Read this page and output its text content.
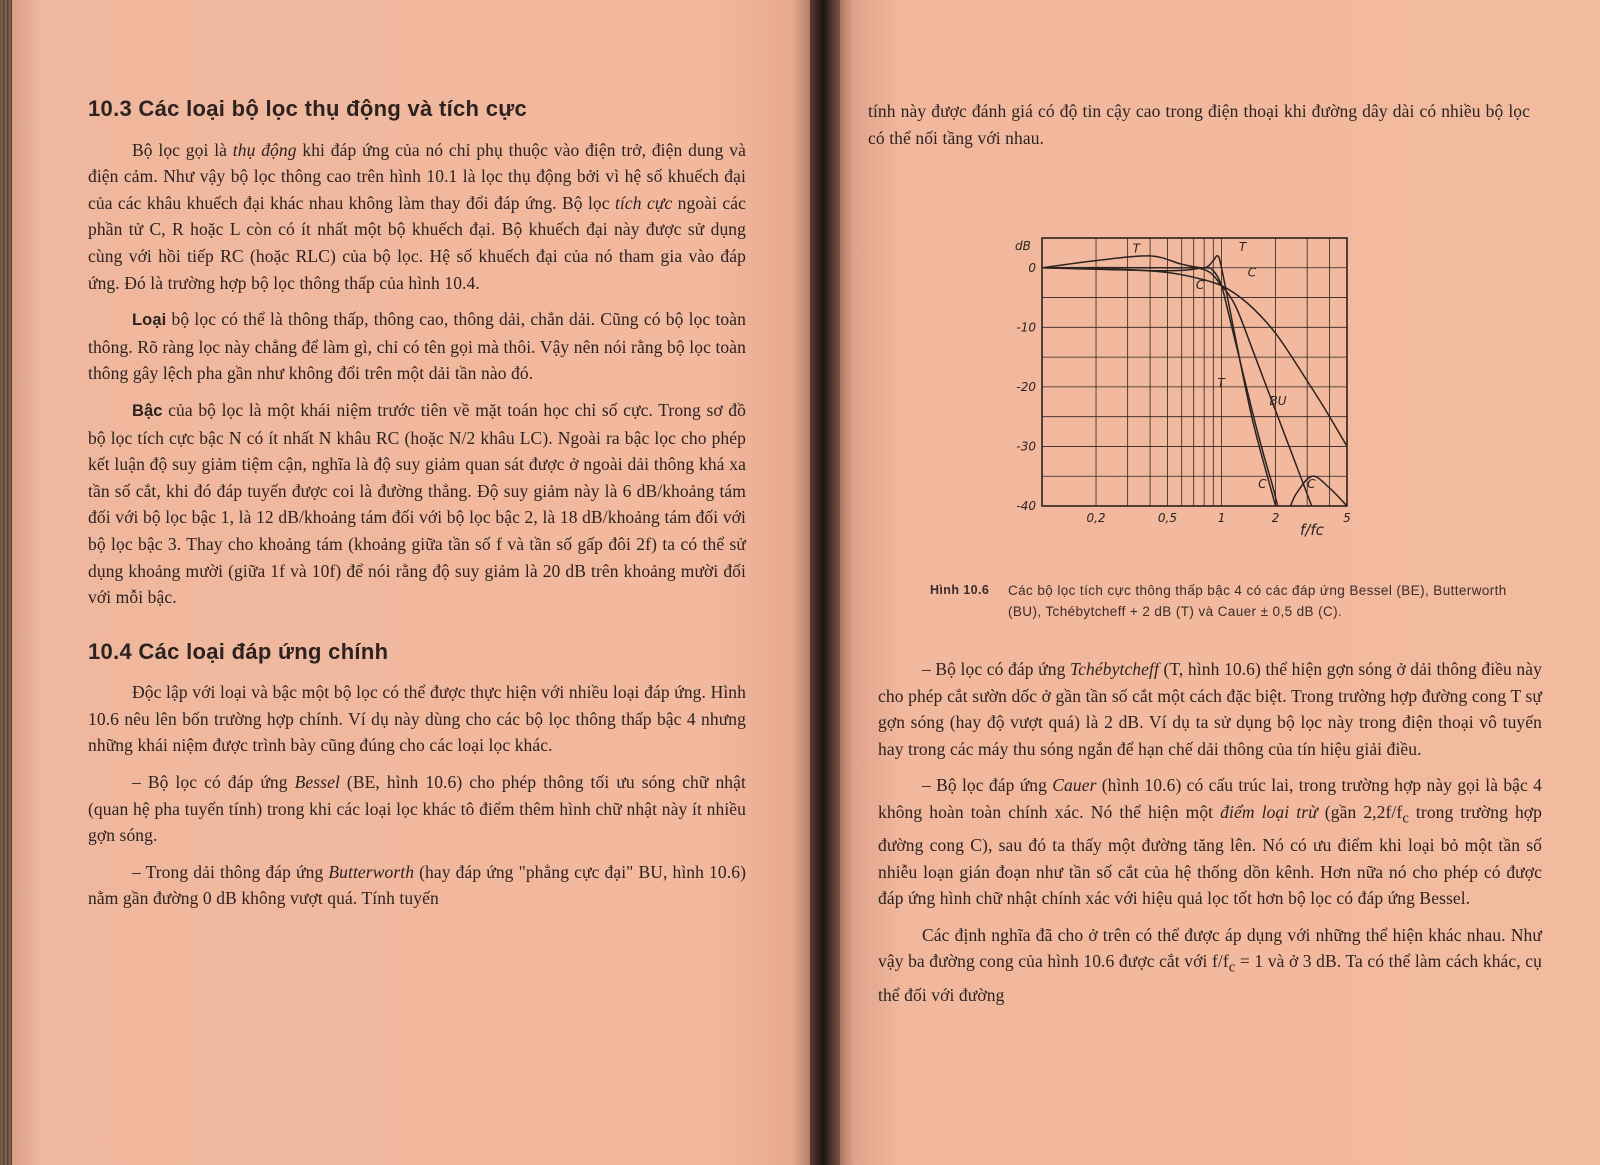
10.3 Các loại bộ lọc thụ động và tích cực

Bộ lọc gọi là thụ động khi đáp ứng của nó chỉ phụ thuộc vào điện trở, điện dung và điện cảm. Như vậy bộ lọc thông cao trên hình 10.1 là lọc thụ động bởi vì hệ số khuếch đại của các khâu khuếch đại khác nhau không làm thay đổi đáp ứng. Bộ lọc tích cực ngoài các phần tử C, R hoặc L còn có ít nhất một bộ khuếch đại. Bộ khuếch đại này được sử dụng cùng với hồi tiếp RC (hoặc RLC) của bộ lọc. Hệ số khuếch đại của nó tham gia vào đáp ứng. Đó là trường hợp bộ lọc thông thấp của hình 10.4.

Loại bộ lọc có thể là thông thấp, thông cao, thông dải, chắn dải. Cũng có bộ lọc toàn thông. Rõ ràng lọc này chẳng để làm gì, chỉ có tên gọi mà thôi. Vậy nên nói rằng bộ lọc toàn thông gây lệch pha gần như không đổi trên một dải tần nào đó.

Bậc của bộ lọc là một khái niệm trước tiên về mặt toán học chỉ số cực. Trong sơ đồ bộ lọc tích cực bậc N có ít nhất N khâu RC (hoặc N/2 khâu LC). Ngoài ra bậc lọc cho phép kết luận độ suy giảm tiệm cận, nghĩa là độ suy giảm quan sát được ở ngoài dải thông khá xa tần số cắt, khi đó đáp tuyến được coi là đường thẳng. Độ suy giảm này là 6 dB/khoảng tám đối với bộ lọc bậc 1, là 12 dB/khoảng tám đối với bộ lọc bậc 2, là 18 dB/khoảng tám đối với bộ lọc bậc 3. Thay cho khoảng tám (khoảng giữa tần số f và tần số gấp đôi 2f) ta có thể sử dụng khoảng mười (giữa 1f và 10f) để nói rằng độ suy giảm là 20 dB trên khoảng mười đối với mỗi bậc.

10.4 Các loại đáp ứng chính

Độc lập với loại và bậc một bộ lọc có thể được thực hiện với nhiều loại đáp ứng. Hình 10.6 nêu lên bốn trường hợp chính. Ví dụ này dùng cho các bộ lọc thông thấp bậc 4 nhưng những khái niệm được trình bày cũng đúng cho các loại lọc khác.

– Bộ lọc có đáp ứng Bessel (BE, hình 10.6) cho phép thông tối ưu sóng chữ nhật (quan hệ pha tuyến tính) trong khi các loại lọc khác tô điểm thêm hình chữ nhật này ít nhiều gợn sóng.

– Trong dải thông đáp ứng Butterworth (hay đáp ứng "phẳng cực đại" BU, hình 10.6) nằm gần đường 0 dB không vượt quá. Tính tuyến

tính này được đánh giá có độ tin cậy cao trong điện thoại khi đường dây dài có nhiều bộ lọc có thể nối tầng với nhau.

0
-10
-20
-30
-40
0,2	0,5	1	2	5
T	T
C
C
T
BU
C	C
dB
f/fc
Hình 10.6 Các bộ lọc tích cực thông thấp bậc 4 có các đáp ứng Bessel (BE), Butterworth (BU), Tchébytcheff + 2 dB (T) và Cauer ± 0,5 dB (C).

– Bộ lọc có đáp ứng Tchébytcheff (T, hình 10.6) thể hiện gợn sóng ở dải thông điều này cho phép cắt sườn dốc ở gần tần số cắt một cách đặc biệt. Trong trường hợp đường cong T sự gợn sóng (hay độ vượt quá) là 2 dB. Ví dụ ta sử dụng bộ lọc này trong điện thoại vô tuyến hay trong các máy thu sóng ngắn để hạn chế dải thông của tín hiệu giải điều.

– Bộ lọc đáp ứng Cauer (hình 10.6) có cấu trúc lai, trong trường hợp này gọi là bậc 4 không hoàn toàn chính xác. Nó thể hiện một điểm loại trừ (gần $2,2f/f_c$ trong trường hợp đường cong C), sau đó ta thấy một đường tăng lên. Nó có ưu điểm khi loại bỏ một tần số nhiễu loạn gián đoạn như tần số cắt của hệ thống dồn kênh. Hơn nữa nó cho phép có được đáp ứng hình chữ nhật chính xác với hiệu quả lọc tốt hơn bộ lọc có đáp ứng Bessel.

Các định nghĩa đã cho ở trên có thể được áp dụng với những thể hiện khác nhau. Như vậy ba đường cong của hình 10.6 được cắt với $f/f_c = 1$ và ở 3 dB. Ta có thể làm cách khác, cụ thể đối với đường
